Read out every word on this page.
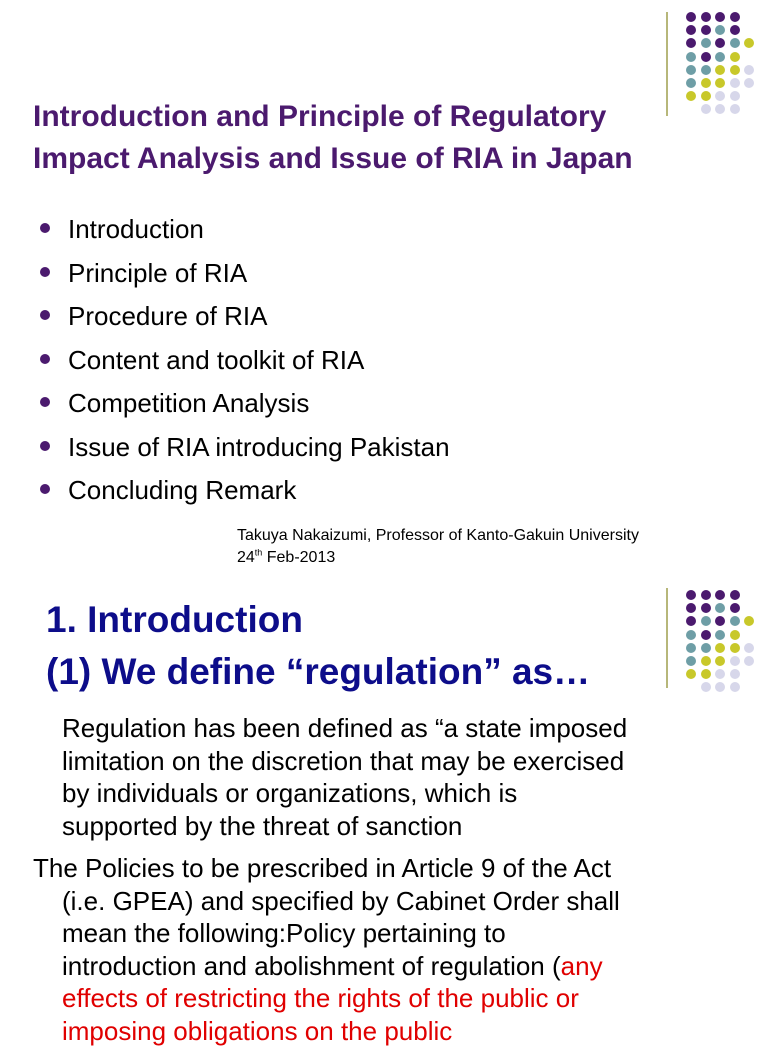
Introduction and Principle of Regulatory
Impact Analysis and Issue of RIA in Japan
Introduction
Principle of RIA
Procedure of RIA
Content and toolkit of RIA
Competition Analysis
Issue of RIA introducing Pakistan
Concluding Remark
Takuya Nakaizumi, Professor of Kanto-Gakuin University
24th Feb-2013
1. Introduction
(1) We define “regulation” as…
Regulation has been defined as “a state imposed
limitation on the discretion that may be exercised
by individuals or organizations, which is
supported by the threat of sanction
The Policies to be prescribed in Article 9 of the Act
(i.e. GPEA) and specified by Cabinet Order shall
mean the following:Policy pertaining to
introduction and abolishment of regulation (any
effects of restricting the rights of the public or
imposing obligations on the public
